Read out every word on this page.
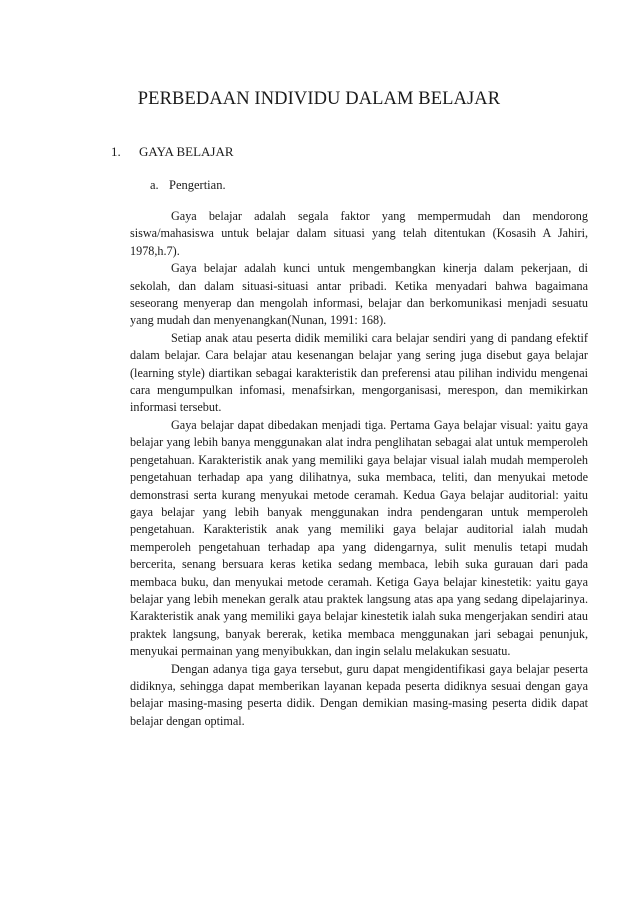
PERBEDAAN INDIVIDU DALAM BELAJAR
1. GAYA BELAJAR
a. Pengertian.

Gaya belajar adalah segala faktor yang mempermudah dan mendorong siswa/mahasiswa untuk belajar dalam situasi yang telah ditentukan (Kosasih A Jahiri, 1978,h.7).

Gaya belajar adalah kunci untuk mengembangkan kinerja dalam pekerjaan, di sekolah, dan dalam situasi-situasi antar pribadi. Ketika menyadari bahwa bagaimana seseorang menyerap dan mengolah informasi, belajar dan berkomunikasi menjadi sesuatu yang mudah dan menyenangkan(Nunan, 1991: 168).

Setiap anak atau peserta didik memiliki cara belajar sendiri yang di pandang efektif dalam belajar. Cara belajar atau kesenangan belajar yang sering juga disebut gaya belajar (learning style) diartikan sebagai karakteristik dan preferensi atau pilihan individu mengenai cara mengumpulkan infomasi, menafsirkan, mengorganisasi, merespon, dan memikirkan informasi tersebut.

Gaya belajar dapat dibedakan menjadi tiga. Pertama Gaya belajar visual: yaitu gaya belajar yang lebih banya menggunakan alat indra penglihatan sebagai alat untuk memperoleh pengetahuan. Karakteristik anak yang memiliki gaya belajar visual ialah mudah memperoleh pengetahuan terhadap apa yang dilihatnya, suka membaca, teliti, dan menyukai metode demonstrasi serta kurang menyukai metode ceramah. Kedua Gaya belajar auditorial: yaitu gaya belajar yang lebih banyak menggunakan indra pendengaran untuk memperoleh pengetahuan. Karakteristik anak yang memiliki gaya belajar auditorial ialah mudah memperoleh pengetahuan terhadap apa yang didengarnya, sulit menulis tetapi mudah bercerita, senang bersuara keras ketika sedang membaca, lebih suka gurauan dari pada membaca buku, dan menyukai metode ceramah. Ketiga Gaya belajar kinestetik: yaitu gaya belajar yang lebih menekan geralk atau praktek langsung atas apa yang sedang dipelajarinya. Karakteristik anak yang memiliki gaya belajar kinestetik ialah suka mengerjakan sendiri atau praktek langsung, banyak bererak, ketika membaca menggunakan jari sebagai penunjuk, menyukai permainan yang menyibukkan, dan ingin selalu melakukan sesuatu.

Dengan adanya tiga gaya tersebut, guru dapat mengidentifikasi gaya belajar peserta didiknya, sehingga dapat memberikan layanan kepada peserta didiknya sesuai dengan gaya belajar masing-masing peserta didik. Dengan demikian masing-masing peserta didik dapat belajar dengan optimal.
